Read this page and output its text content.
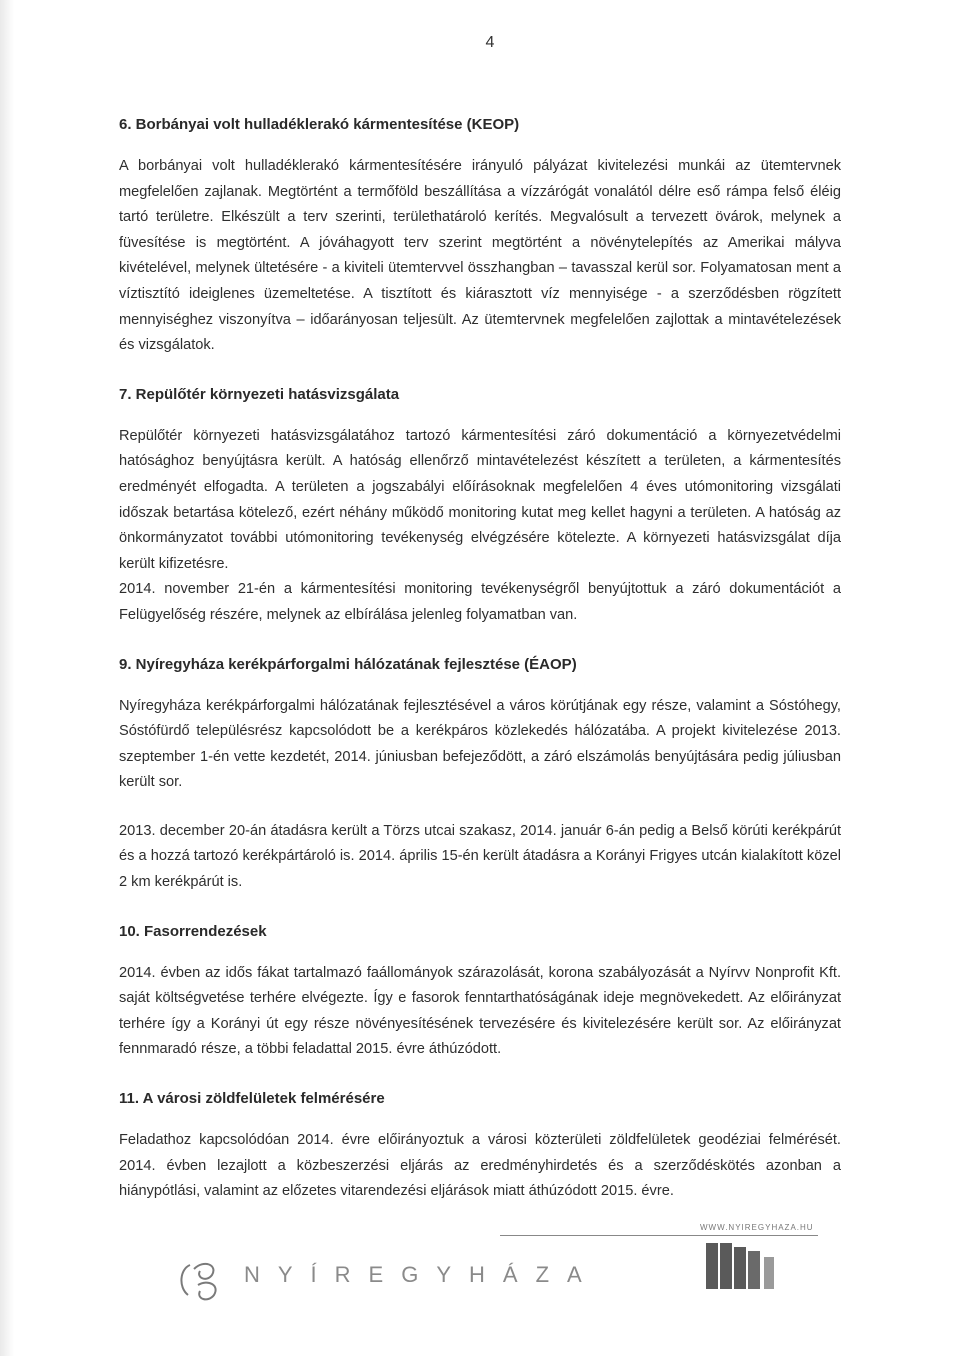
4
6. Borbányai volt hulladéklerakó kármentesítése (KEOP)

A borbányai volt hulladéklerakó kármentesítésére irányuló pályázat kivitelezési munkái az ütemtervnek megfelelően zajlanak. Megtörtént a termőföld beszállítása a vízzárógát vonalától délre eső rámpa felső éléig tartó területre. Elkészült a terv szerinti, területhatároló kerítés. Megvalósult a tervezett övárok, melynek a füvesítése is megtörtént. A jóváhagyott terv szerint megtörtént a növénytelepítés az Amerikai mályva kivételével, melynek ültetésére - a kiviteli ütemtervvel összhangban – tavasszal kerül sor. Folyamatosan ment a víztisztító ideiglenes üzemeltetése. A tisztított és kiárasztott víz mennyisége - a szerződésben rögzített mennyiséghez viszonyítva – időarányosan teljesült. Az ütemtervnek megfelelően zajlottak a mintavételezések és vizsgálatok.

7. Repülőtér környezeti hatásvizsgálata

Repülőtér környezeti hatásvizsgálatához tartozó kármentesítési záró dokumentáció a környezetvédelmi hatósághoz benyújtásra került. A hatóság ellenőrző mintavételezést készített a területen, a kármentesítés eredményét elfogadta. A területen a jogszabályi előírásoknak megfelelően 4 éves utómonitoring vizsgálati időszak betartása kötelező, ezért néhány működő monitoring kutat meg kellet hagyni a területen. A hatóság az önkormányzatot további utómonitoring tevékenység elvégzésére kötelezte. A környezeti hatásvizsgálat díja került kifizetésre.

2014. november 21-én a kármentesítési monitoring tevékenységről benyújtottuk a záró dokumentációt a Felügyelőség részére, melynek az elbírálása jelenleg folyamatban van.

9. Nyíregyháza kerékpárforgalmi hálózatának fejlesztése (ÉAOP)

Nyíregyháza kerékpárforgalmi hálózatának fejlesztésével a város körútjának egy része, valamint a Sóstóhegy, Sóstófürdő településrész kapcsolódott be a kerékpáros közlekedés hálózatába. A projekt kivitelezése 2013. szeptember 1-én vette kezdetét, 2014. júniusban befejeződött, a záró elszámolás benyújtására pedig júliusban került sor.

2013. december 20-án átadásra került a Törzs utcai szakasz, 2014. január 6-án pedig a Belső körúti kerékpárút és a hozzá tartozó kerékpártároló is. 2014. április 15-én került átadásra a Korányi Frigyes utcán kialakított közel 2 km kerékpárút is.

10. Fasorrendezések

2014. évben az idős fákat tartalmazó faállományok szárazolását, korona szabályozását a Nyírvv Nonprofit Kft. saját költségvetése terhére elvégezte. Így e fasorok fenntarthatóságának ideje megnövekedett. Az előirányzat terhére így a Korányi út egy része növényesítésének tervezésére és kivitelezésére került sor. Az előirányzat fennmaradó része, a többi feladattal 2015. évre áthúzódott.

11. A városi zöldfelületek felmérésére

Feladathoz kapcsolódóan 2014. évre előirányoztuk a városi közterületi zöldfelületek geodéziai felmérését. 2014. évben lezajlott a közbeszerzési eljárás az eredményhirdetés és a szerződéskötés azonban a hiánypótlási, valamint az előzetes vitarendezési eljárások miatt áthúzódott 2015. évre.

WWW.NYIREGYHAZA.HU
NYÍREGYHÁZA
